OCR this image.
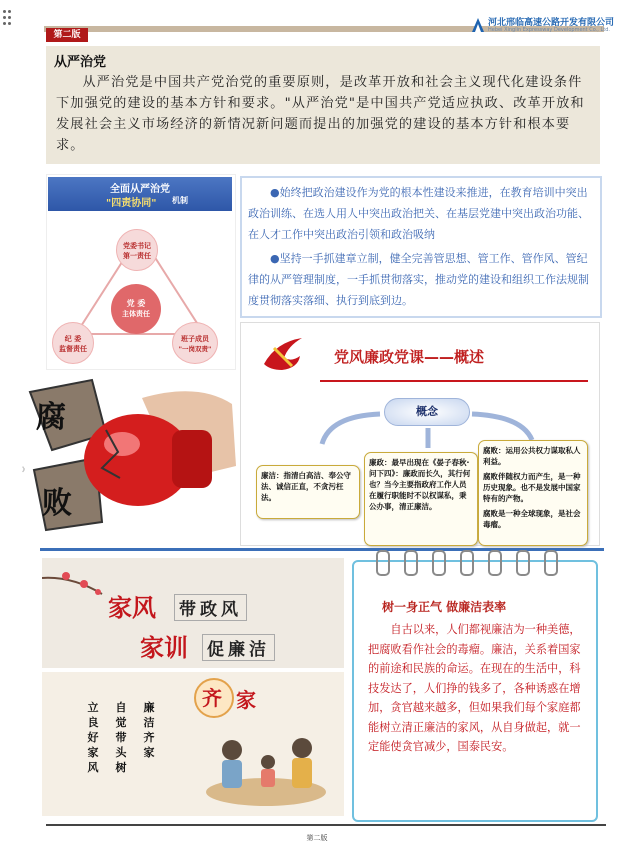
第二版
河北邢临高速公路开发有限公司
Hebei Xinglin Expressway Development Co., Ltd.
从严治党
从严治党是中国共产党治党的重要原则，是改革开放和社会主义现代化建设条件下加强党的建设的基本方针和要求。"从严治党"是中国共产党适应执政、改革开放和发展社会主义市场经济的新情况新问题而提出的加强党的建设的基本方针和根本要求。
全面从严治党
"四责协同" 机制
党委书记
第一责任
党 委
主体责任
纪 委
监督责任
班子成员
"一岗双责"

●始终把政治建设作为党的根本性建设来推进，在教育培训中突出政治训练、在选人用人中突出政治把关、在基层党建中突出政治功能、在人才工作中突出政治引领和政治吸纳

●坚持一手抓建章立制，健全完善管思想、管工作、管作风、管纪律的从严管理制度，一手抓贯彻落实，推动党的建设和组织工作法规制度贯彻落实落细、执行到底到边。

腐
败
》
党风廉政党课——概述
概念
廉洁：指清白高洁、奉公守法、诚信正直，不贪污枉法。
廉政：最早出现在《晏子春秋·问下四》：廉政而长久，其行何也？当今主要指政府工作人员在履行职能时不以权谋私，秉公办事，清正廉洁。
腐败：运用公共权力谋取私人利益。
腐败伴随权力而产生，是一种历史现象。也不是发展中国家特有的产物。
腐败是一种全球现象，是社会毒瘤。
家风 带政风
家训 促廉洁
齐 家
立良好家风
自觉带头树
廉洁齐家
树一身正气 做廉洁表率
自古以来，人们都视廉洁为一种美德，把腐败看作社会的毒瘤。廉洁，关系着国家的前途和民族的命运。在现在的生活中，科技发达了，人们挣的钱多了，各种诱惑在增加，贪官越来越多，但如果我们每个家庭都能树立清正廉洁的家风，从自身做起，就一定能使贪官减少，国泰民安。
第二版
